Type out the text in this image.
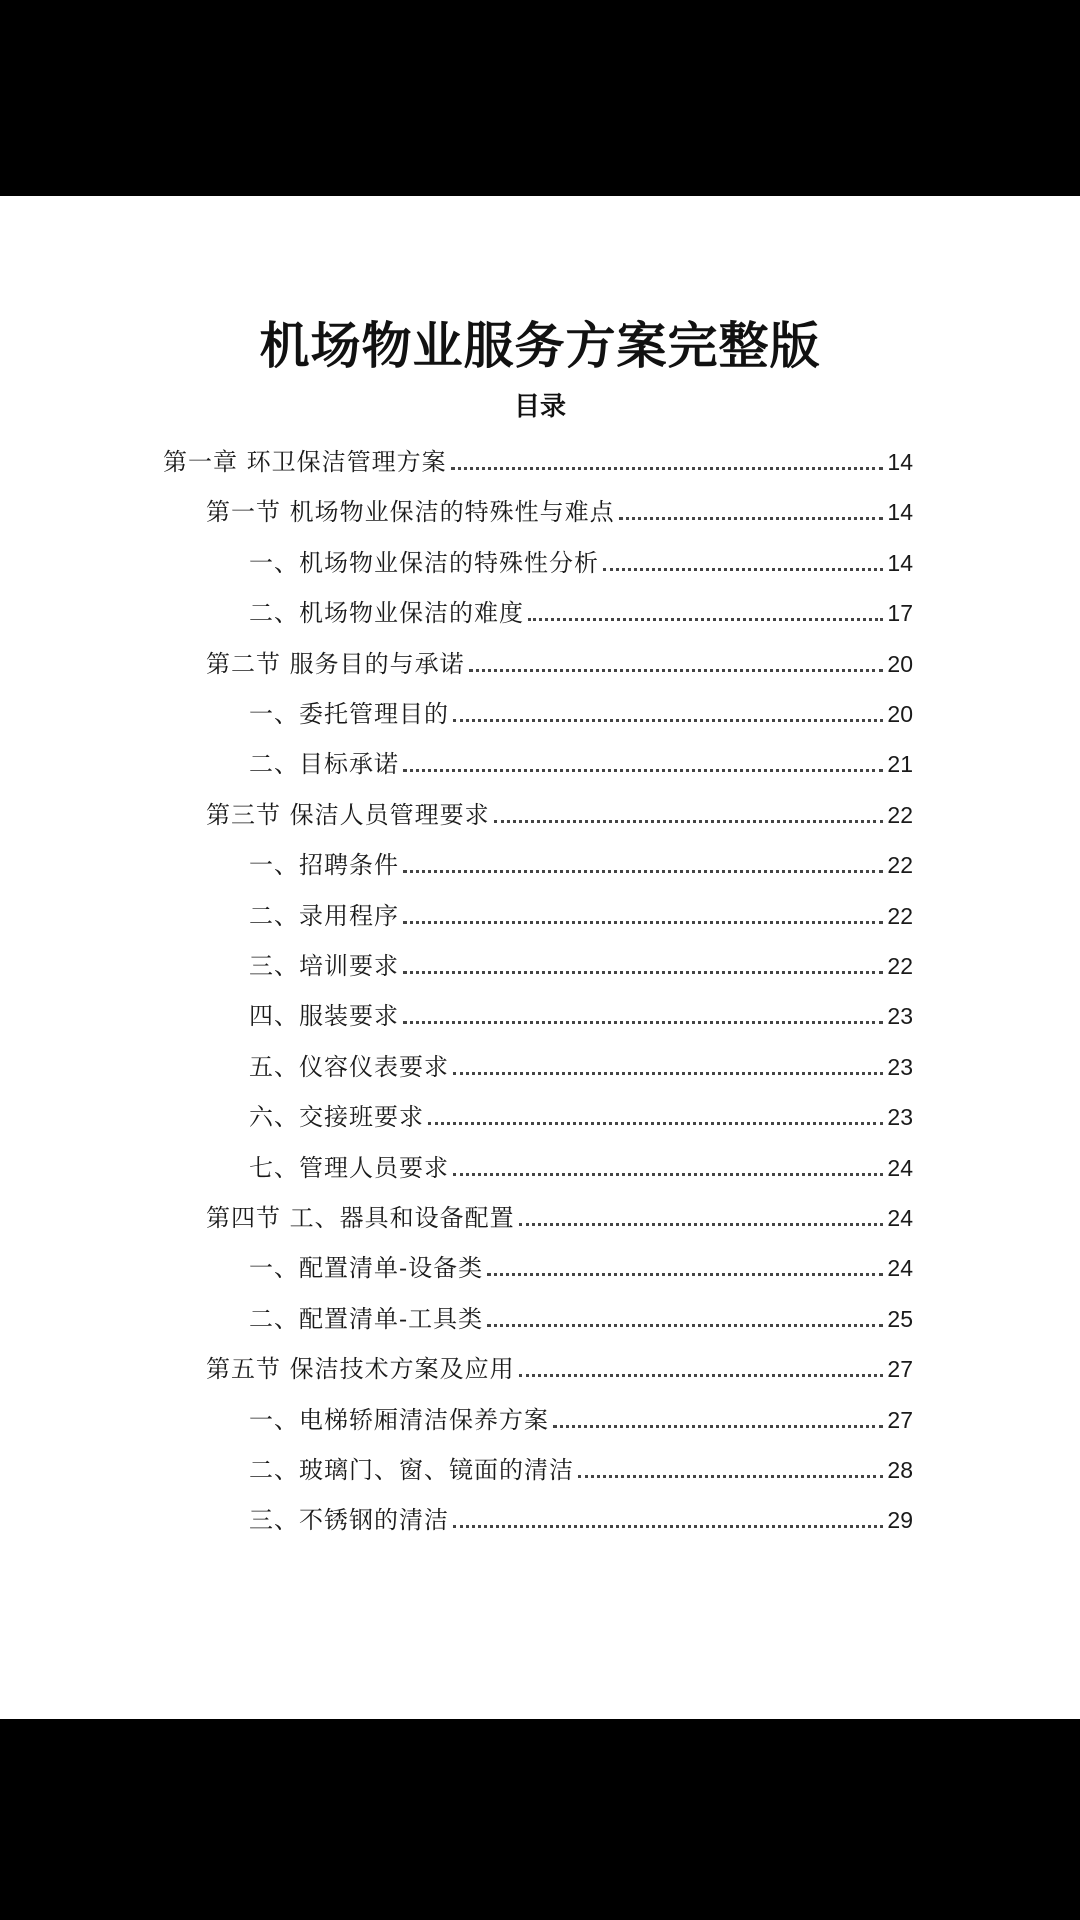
机场物业服务方案完整版
目录
第一章 环卫保洁管理方案	14
第一节 机场物业保洁的特殊性与难点	14
一、机场物业保洁的特殊性分析	14
二、机场物业保洁的难度	17
第二节 服务目的与承诺	20
一、委托管理目的	20
二、目标承诺	21
第三节 保洁人员管理要求	22
一、招聘条件	22
二、录用程序	22
三、培训要求	22
四、服装要求	23
五、仪容仪表要求	23
六、交接班要求	23
七、管理人员要求	24
第四节 工、器具和设备配置	24
一、配置清单-设备类	24
二、配置清单-工具类	25
第五节 保洁技术方案及应用	27
一、电梯轿厢清洁保养方案	27
二、玻璃门、窗、镜面的清洁	28
三、不锈钢的清洁	29
